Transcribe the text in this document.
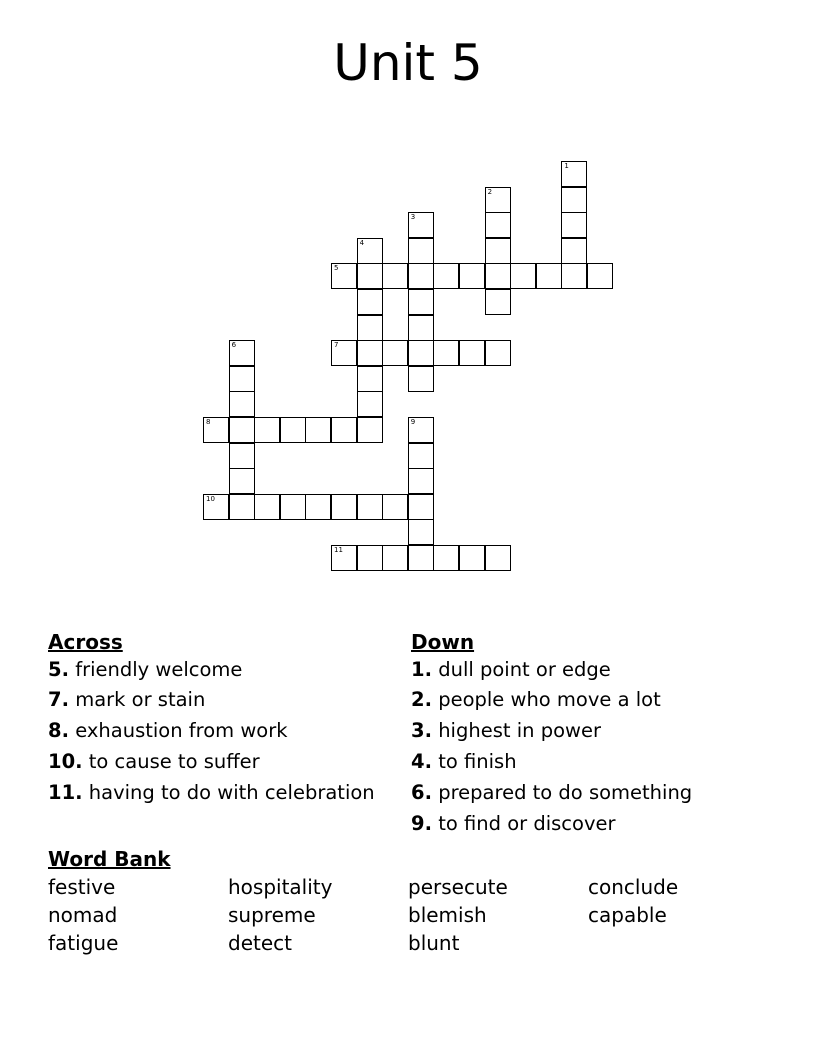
Unit 5
1
2
3
4
5
6	7
8	9
10
11
Across
5. friendly welcome
7. mark or stain
8. exhaustion from work
10. to cause to suffer
11. having to do with celebration
Down
1. dull point or edge
2. people who move a lot
3. highest in power
4. to finish
6. prepared to do something
9. to find or discover
Word Bank
festive	hospitality	persecute	conclude
nomad	supreme	blemish	capable
fatigue	detect	blunt
